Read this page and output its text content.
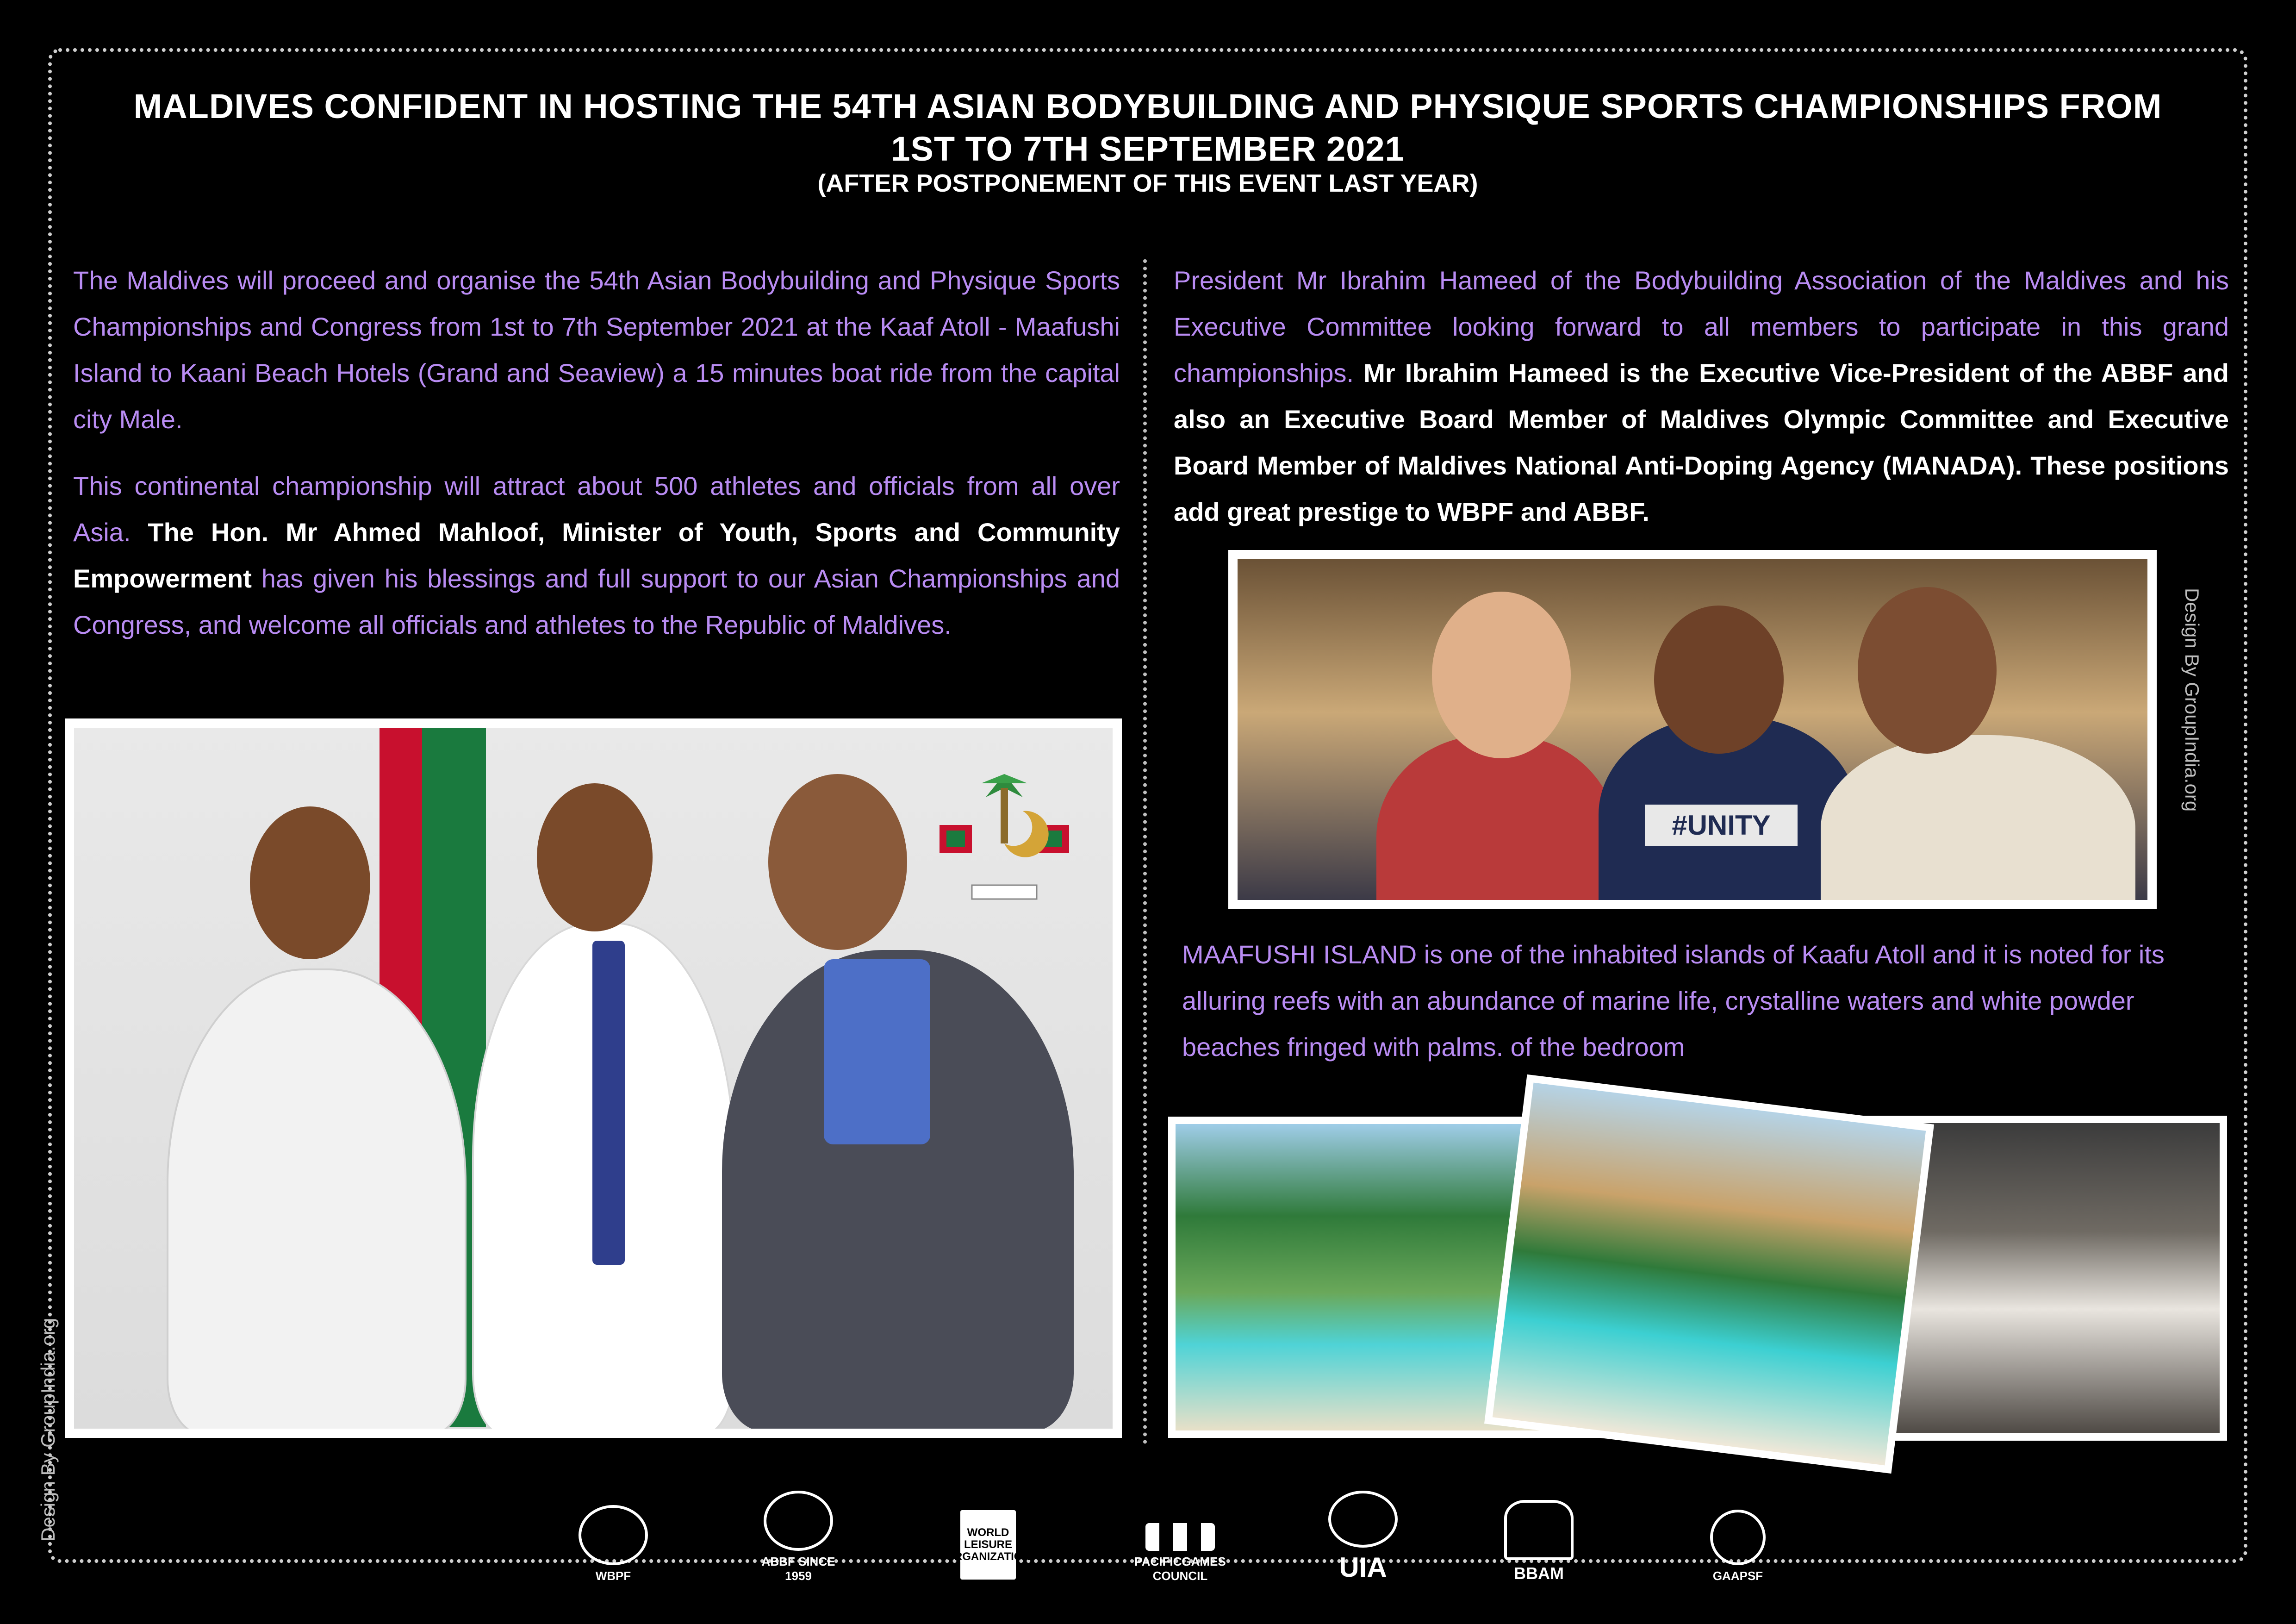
MALDIVES CONFIDENT IN HOSTING THE 54TH ASIAN BODYBUILDING AND PHYSIQUE SPORTS CHAMPIONSHIPS FROM
1ST TO 7TH SEPTEMBER 2021
(AFTER POSTPONEMENT OF THIS EVENT LAST YEAR)

The Maldives will proceed and organise the 54th Asian Bodybuilding and Physique Sports Championships and Congress from 1st to 7th September 2021 at the Kaaf Atoll - Maafushi Island to Kaani Beach Hotels (Grand and Seaview) a 15 minutes boat ride from the capital city Male.

This continental championship will attract about 500 athletes and officials from all over Asia. The Hon. Mr Ahmed Mahloof, Minister of Youth, Sports and Community Empowerment has given his blessings and full support to our Asian Championships and Congress, and welcome all officials and athletes to the Republic of Maldives.

President Mr Ibrahim Hameed of the Bodybuilding Association of the Maldives and his Executive Committee looking forward to all members to participate in this grand championships. Mr Ibrahim Hameed is the Executive Vice-President of the ABBF and also an Executive Board Member of Maldives Olympic Committee and Executive Board Member of Maldives National Anti-Doping Agency (MANADA). These positions add great prestige to WBPF and ABBF.

#UNITY

MAAFUSHI ISLAND is one of the inhabited islands of Kaafu Atoll and it is noted for its alluring reefs with an abundance of marine life, crystalline waters and white powder beaches fringed with palms. of the bedroom

Design By GroupIndia.org
Design By GroupIndia.org
WBPF
ABBF SINCE 1959
WORLD LEISURE ORGANIZATION	PACIFICGAMES COUNCIL	UIA	BBAM	GAAPSF
